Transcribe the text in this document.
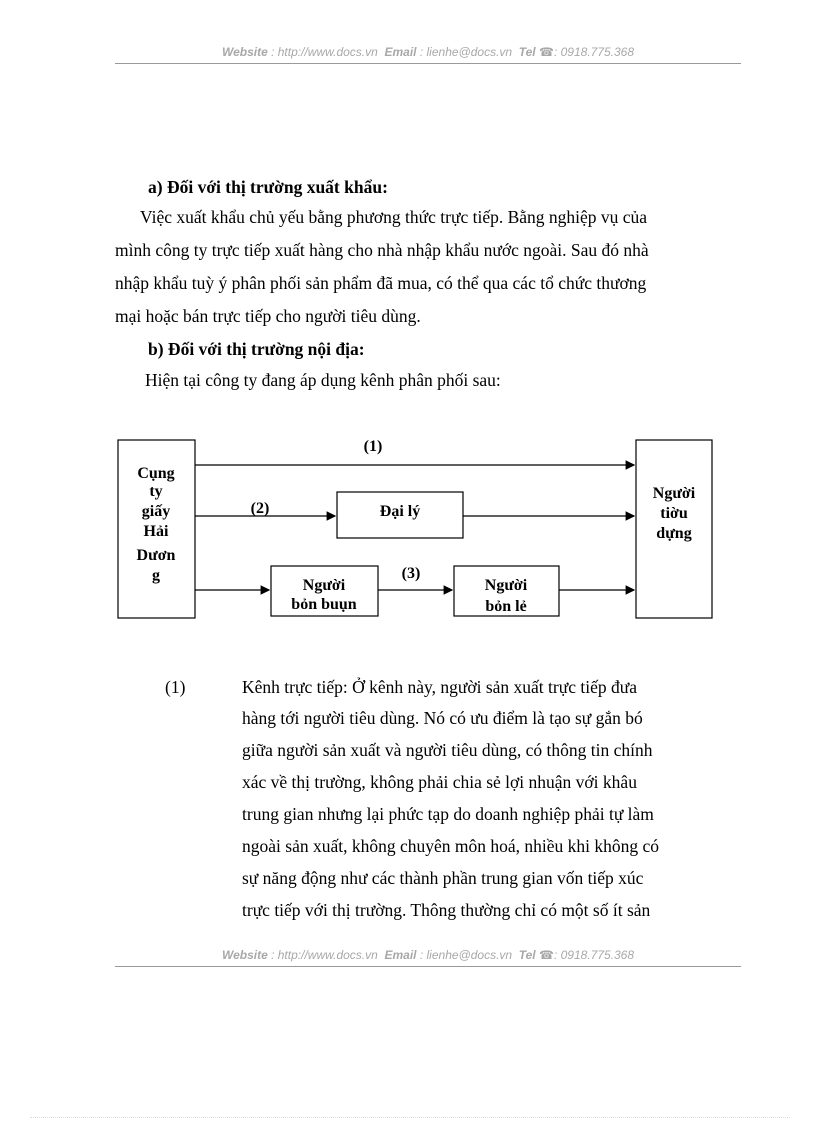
Website : http://www.docs.vn Email : lienhe@docs.vn Tel ☎: 0918.775.368
a) Đối với thị trường xuất khẩu:
Việc xuất khẩu chủ yếu bằng phương thức trực tiếp. Bằng nghiệp vụ của
mình công ty trực tiếp xuất hàng cho nhà nhập khẩu nước ngoài. Sau đó nhà
nhập khẩu tuỳ ý phân phối sản phẩm đã mua, có thể qua các tổ chức thương
mại hoặc bán trực tiếp cho người tiêu dùng.
b) Đối với thị trường nội địa:
Hiện tại công ty đang áp dụng kênh phân phối sau:
Cụng
ty
giấy
Hải
Dươn
g
Người
tiờu
dựng
Đại lý
Người
bỏn buụn
Người
bỏn lẻ
(1)
(2)
(3)
(1)	Kênh trực tiếp: Ở kênh này, người sản xuất trực tiếp đưa
hàng tới người tiêu dùng. Nó có ưu điểm là tạo sự gắn bó
giữa người sản xuất và người tiêu dùng, có thông tin chính
xác về thị trường, không phải chia sẻ lợi nhuận với khâu
trung gian nhưng lại phức tạp do doanh nghiệp phải tự làm
ngoài sản xuất, không chuyên môn hoá, nhiều khi không có
sự năng động như các thành phần trung gian vốn tiếp xúc
trực tiếp với thị trường. Thông thường chỉ có một số ít sản
Website : http://www.docs.vn Email : lienhe@docs.vn Tel ☎: 0918.775.368
